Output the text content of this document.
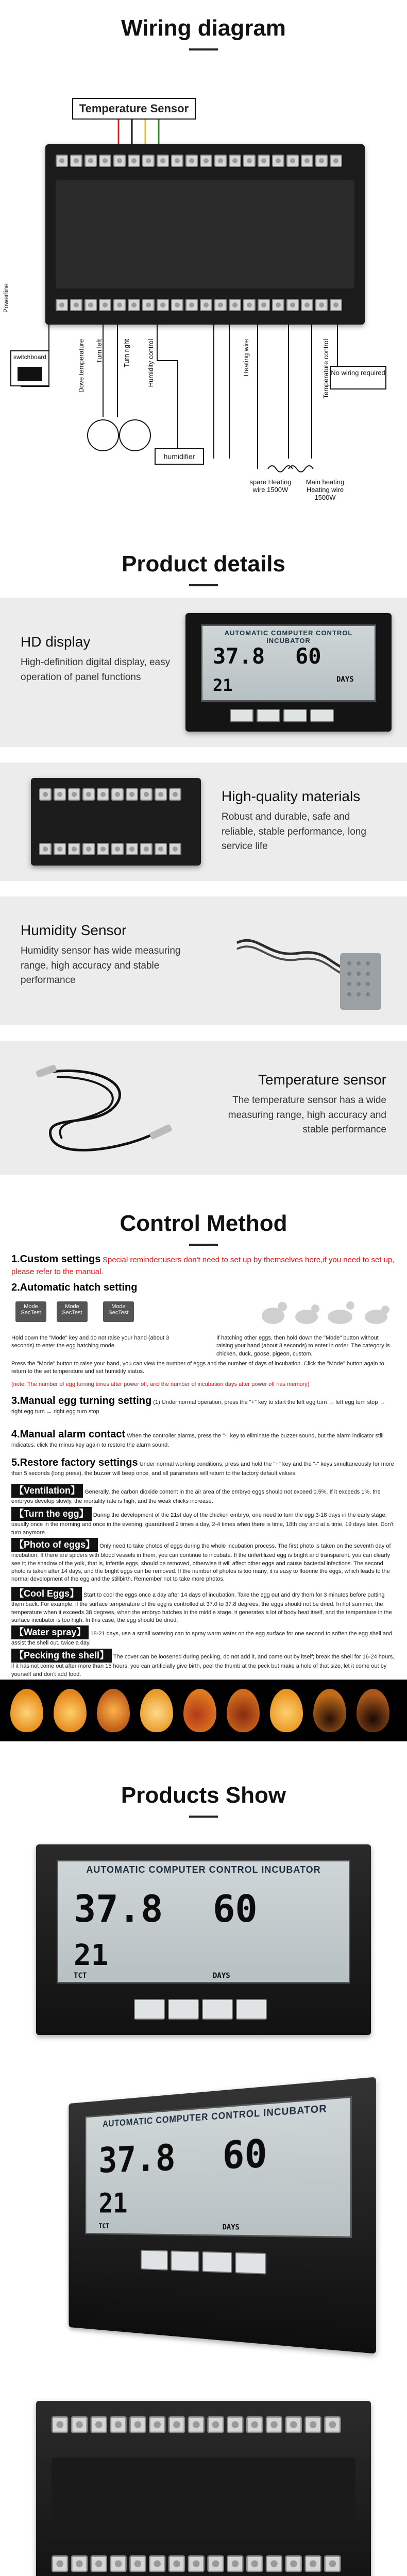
Wiring diagram
Temperature Sensor
switchboard
Powerline
Dove temperature Turn left	Turn right Humidity control	Heating wire	Temperature control
humidifier
spare Heating wire 1500W
Main heating Heating wire 1500W
No wiring required
Product details
HD display
High-definition digital display, easy operation of panel functions
AUTOMATIC COMPUTER CONTROL INCUBATOR
37.8 60
21	DAYS
High-quality materials
Robust and durable, safe and reliable, stable performance, long service life
Humidity Sensor
Humidity sensor has wide measuring range, high accuracy and stable performance
Temperature sensor
The temperature sensor has a wide measuring range, high accuracy and stable performance
Control Method
1.Custom settings Special reminder:users don't need to set up by themselves here,if you need to set up, please refer to the manual.
2.Automatic hatch setting
Mode SecTest
Mode SecTest
Mode SecTest
Hold down the "Mode" key and do not raise your hand (about 3 seconds) to enter the egg hatching mode
If hatching other eggs, then hold down the "Mode" button without raising your hand (about 3 seconds) to enter in order. The category is chicken, duck, goose, pigeon, custom.
Press the "Mode" button to raise your hand, you can view the number of eggs and the number of days of incubation. Click the "Mode" button again to return to the set temperature and set humidity status.
(note: The number of egg turning times after power off, and the number of incubation days after power off has memory)
3.Manual egg turning setting (1) Under normal operation, press the "+" key to start the left egg turn → left egg turn stop → right egg turn → right egg turn stop
4.Manual alarm contact When the controller alarms, press the "-" key to eliminate the buzzer sound, but the alarm indicator still indicates. click the minus key again to restore the alarm sound.
5.Restore factory settings Under normal working conditions, press and hold the "+" key and the "-" keys simultaneously for more than 5 seconds (long press), the buzzer will beep once, and all parameters will return to the factory default values.
【Ventilation】 Generally, the carbon dioxide content in the air area of the embryo eggs should not exceed 0.5%. If it exceeds 1%, the embryos develop slowly, the mortality rate is high, and the weak chicks increase.
【Turn the egg】 During the development of the 21st day of the chicken embryo, one need to turn the egg 3-18 days in the early stage, usually once in the morning and once in the evening, guaranteed 2 times a day, 2-4 times when there is time, 18th day and at a time, 19 days later. Don't turn anymore.
【Photo of eggs】 Only need to take photos of eggs during the whole incubation process. The first photo is taken on the seventh day of incubation. If there are spiders with blood vessels in them, you can continue to incubate. If the unfertilized egg is bright and transparent, you can clearly see it; the shadow of the yolk, that is, infertile eggs, should be removed, otherwise it will affect other eggs and cause bacterial infections. The second photo is taken after 14 days, and the bright eggs can be removed. If the number of photos is too many, it is easy to fluorine the eggs, which leads to the normal development of the egg and the stillbirth. Remember not to take more photos.
【Cool Eggs】 Start to cool the eggs once a day after 14 days of incubation. Take the egg out and dry them for 3 minutes before putting them back. For example, if the surface temperature of the egg is controlled at 37.0 to 37.8 degrees, the eggs should not be dried. In hot summer, the temperature when it exceeds 38 degrees, when the embryo hatches in the middle stage, it generates a lot of body heat itself, and the temperature in the surface incubator is too high. In this case, the egg should be dried.
【Water spray】 18-21 days, use a small watering can to spray warm water on the egg surface for one second to soften the egg shell and assist the shell out, twice a day.
【Pecking the shell】 The cover can be loosened during pecking, do not add it, and come out by itself; break the shell for 16-24 hours, if it has not come out after more than 15 hours, you can artificially give birth, peel the thumb at the peck but make a hole of that size, let it come out by yourself and don't add food.
Products Show
AUTOMATIC COMPUTER CONTROL INCUBATOR
37.8 60
21
TCT	DAYS
AUTOMATIC COMPUTER CONTROL INCUBATOR
37.8 60
21
TCT	DAYS
